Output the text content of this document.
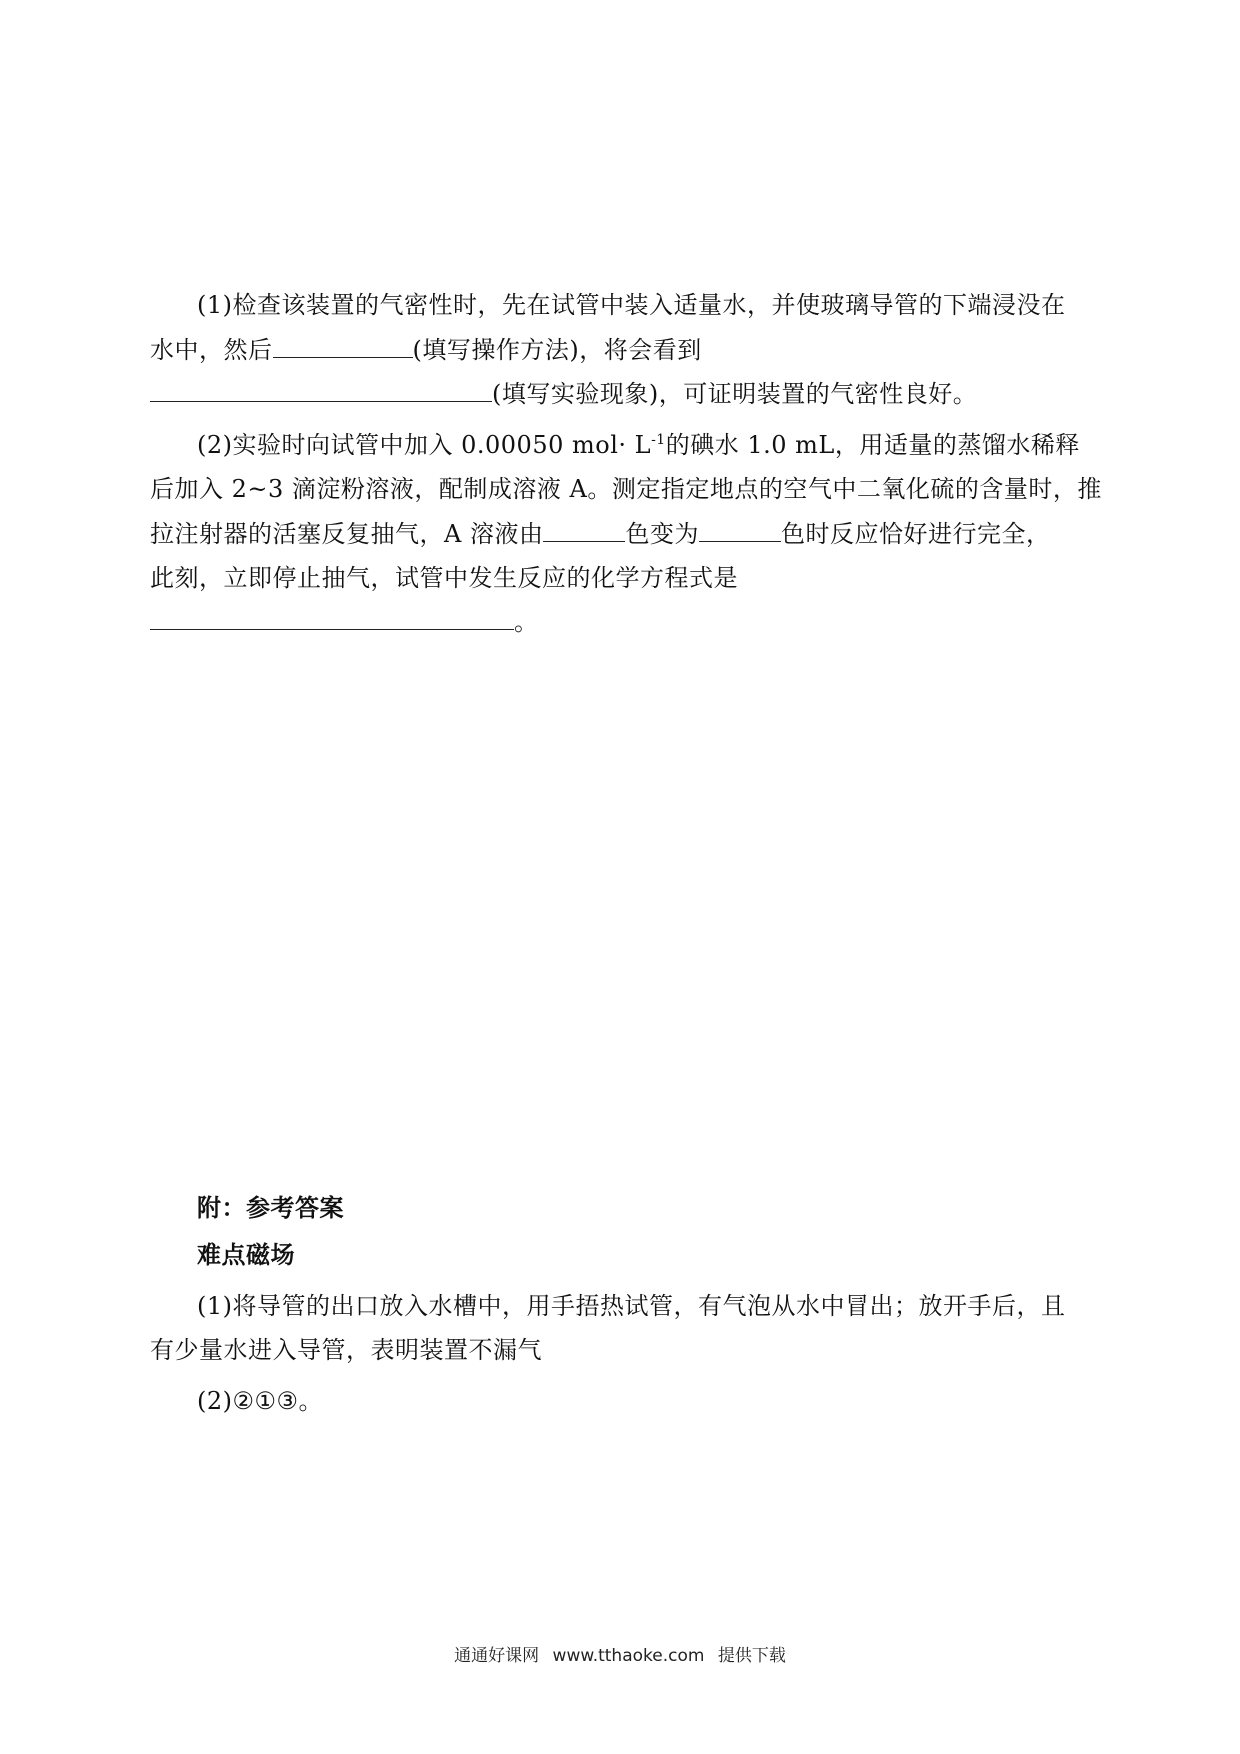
(1)检查该装置的气密性时，先在试管中装入适量水，并使玻璃导管的下端浸没在
水中，然后	(填写操作方法)，将会看到
(填写实验现象)，可证明装置的气密性良好。
(2)实验时向试管中加入 0.00050 $mol\cdot L^{-1}$的碘水 1.0 mL，用适量的蒸馏水稀释
后加入 2~3 滴淀粉溶液，配制成溶液 A。测定指定地点的空气中二氧化硫的含量时，推
拉注射器的活塞反复抽气，A 溶液由	色变为	色时反应恰好进行完全，
此刻，立即停止抽气，试管中发生反应的化学方程式是
。
附：参考答案
难点磁场
(1)将导管的出口放入水槽中，用手捂热试管，有气泡从水中冒出；放开手后，且
有少量水进入导管，表明装置不漏气
(2)②①③。
通通好课网 www.tthaoke.com 提供下载
